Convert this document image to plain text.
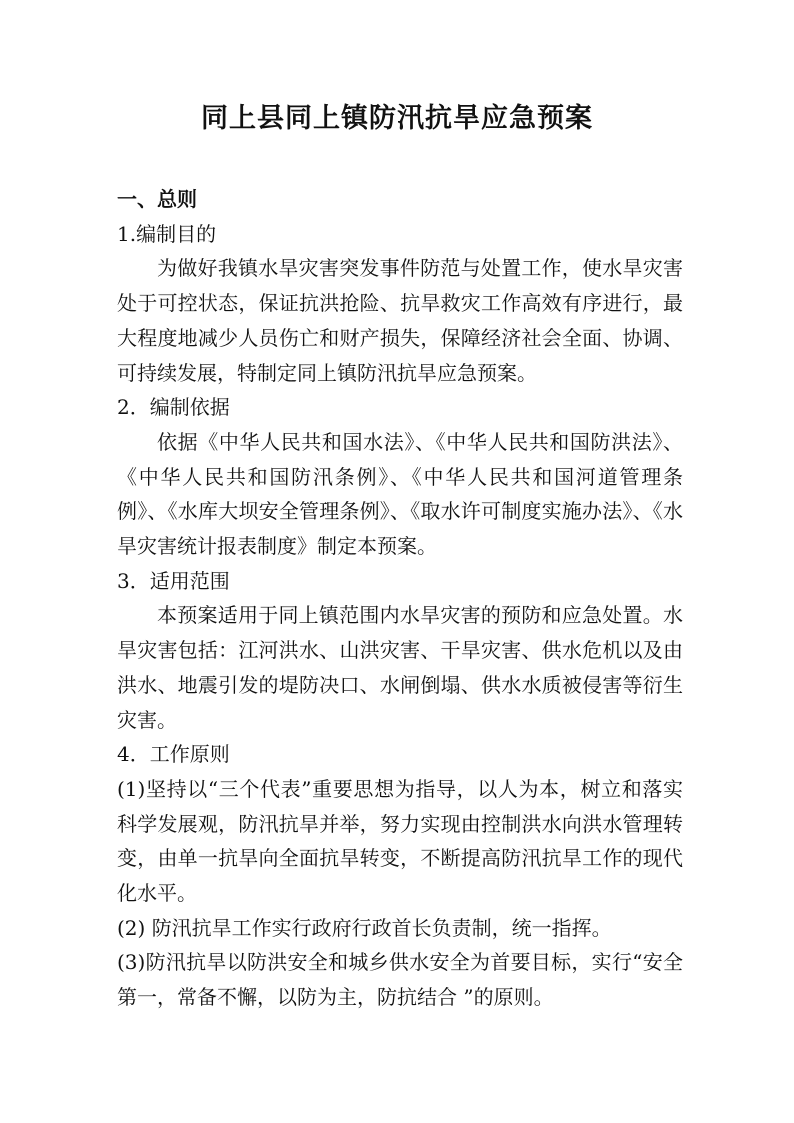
同上县同上镇防汛抗旱应急预案
一、总则

1.编制目的

为做好我镇水旱灾害突发事件防范与处置工作，使水旱灾害处于可控状态，保证抗洪抢险、抗旱救灾工作高效有序进行，最大程度地减少人员伤亡和财产损失，保障经济社会全面、协调、可持续发展，特制定同上镇防汛抗旱应急预案。

2．编制依据

依据《中华人民共和国水法》、《中华人民共和国防洪法》、《中华人民共和国防汛条例》、《中华人民共和国河道管理条例》、《水库大坝安全管理条例》、《取水许可制度实施办法》、《水旱灾害统计报表制度》制定本预案。

3．适用范围

本预案适用于同上镇范围内水旱灾害的预防和应急处置。水旱灾害包括：江河洪水、山洪灾害、干旱灾害、供水危机以及由洪水、地震引发的堤防决口、水闸倒塌、供水水质被侵害等衍生灾害。

4．工作原则

(1)坚持以“三个代表”重要思想为指导，以人为本，树立和落实科学发展观，防汛抗旱并举，努力实现由控制洪水向洪水管理转变，由单一抗旱向全面抗旱转变，不断提高防汛抗旱工作的现代化水平。

(2) 防汛抗旱工作实行政府行政首长负责制，统一指挥。

(3)防汛抗旱以防洪安全和城乡供水安全为首要目标，实行“安全第一，常备不懈，以防为主，防抗结合 ”的原则。
